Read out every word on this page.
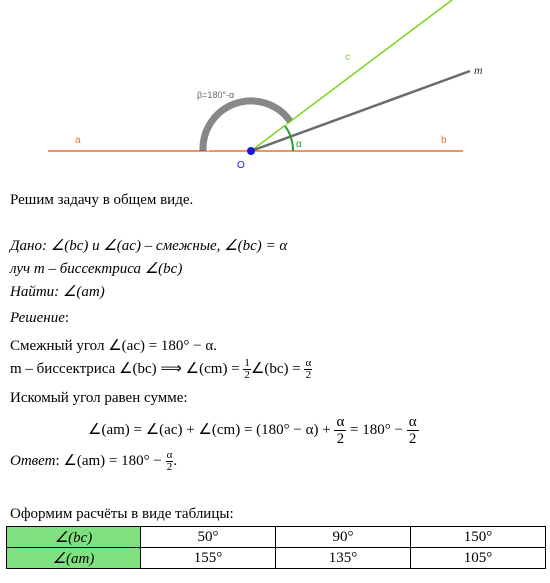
a	b
c
m
O
α
β=180°-α
Решим задачу в общем виде.
Дано: ∠(bc) и ∠(ac) – смежные, ∠(bc) = α
луч m – биссектриса ∠(bc)
Найти: ∠(am)
Решение:
Смежный угол ∠(ac) = 180° − α.
m – биссектриса ∠(bc) ⟹ ∠(cm) = $\frac{1}{2}$ ∠(bc) = $\frac{\alpha}{2}$
Искомый угол равен сумме:
∠(am) = ∠(ac) + ∠(cm) = $(180^\circ - \alpha) + \frac{\alpha}{2} = 180^\circ - \frac{\alpha}{2}$
Ответ: ∠(am) = $180^\circ - \frac{\alpha}{2}$ .
Оформим расчёты в виде таблицы:
∠(bc)	50°	90°	150°
∠(am)	155°	135°	105°
